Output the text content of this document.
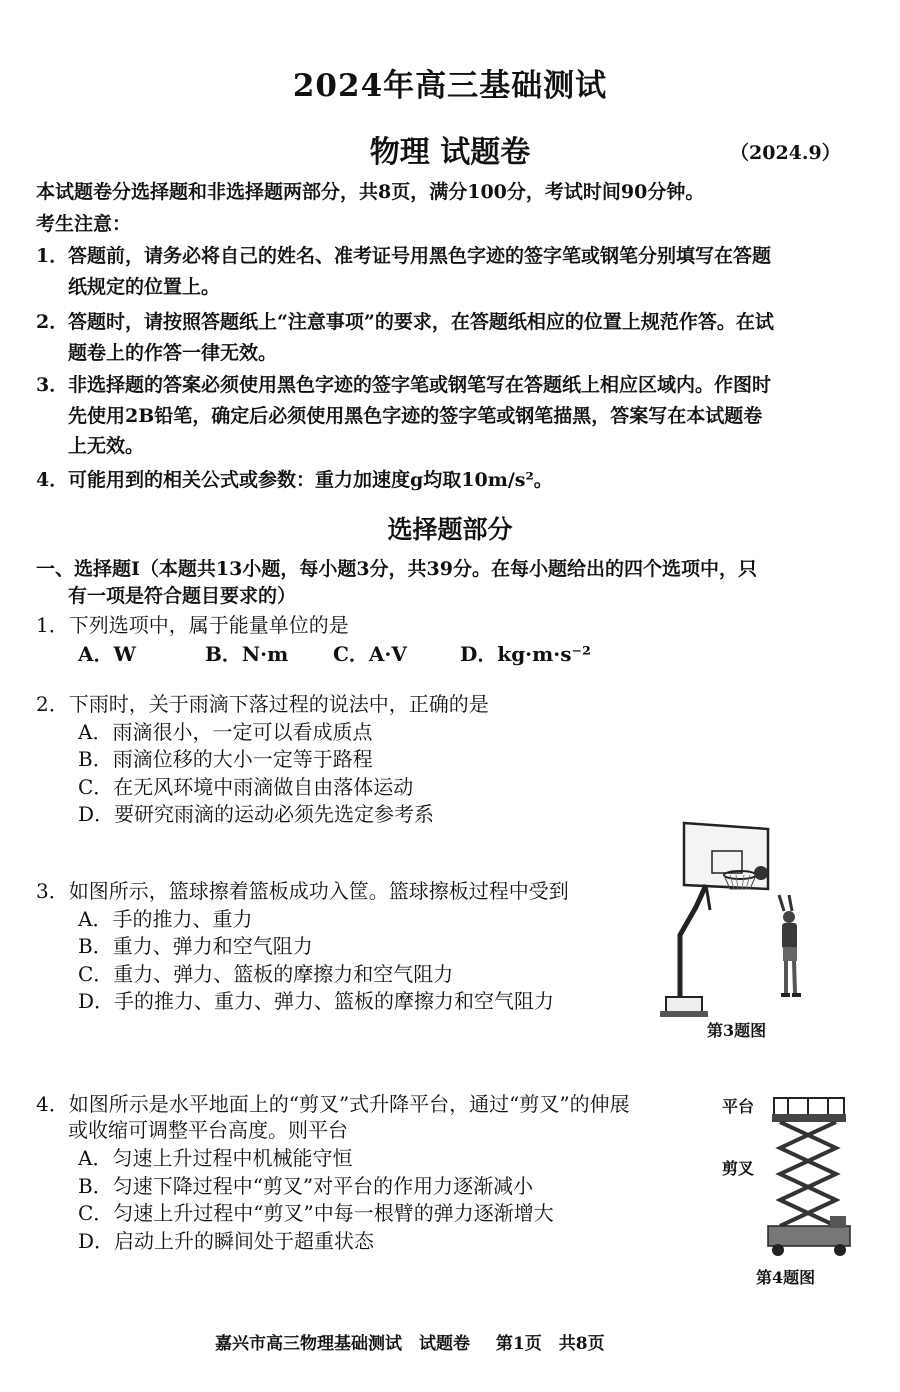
2024年高三基础测试
物理 试题卷	（2024.9）
本试题卷分选择题和非选择题两部分，共8页，满分100分，考试时间90分钟。
考生注意：
1． 答题前，请务必将自己的姓名、准考证号用黑色字迹的签字笔或钢笔分别填写在答题
纸规定的位置上。
2． 答题时，请按照答题纸上“注意事项”的要求，在答题纸相应的位置上规范作答。在试
题卷上的作答一律无效。
3． 非选择题的答案必须使用黑色字迹的签字笔或钢笔写在答题纸上相应区域内。作图时
先使用2B铅笔，确定后必须使用黑色字迹的签字笔或钢笔描黑，答案写在本试题卷
上无效。
4． 可能用到的相关公式或参数：重力加速度g均取10m/s²。
选择题部分
一、选择题Ⅰ（本题共13小题，每小题3分，共39分。在每小题给出的四个选项中，只
有一项是符合题目要求的）
1．下列选项中，属于能量单位的是
A．W	B．N·m C．A·V	D．kg·m·s⁻²
2．下雨时，关于雨滴下落过程的说法中，正确的是
A．雨滴很小，一定可以看成质点
B．雨滴位移的大小一定等于路程
C．在无风环境中雨滴做自由落体运动
D．要研究雨滴的运动必须先选定参考系
3．如图所示，篮球擦着篮板成功入筐。篮球擦板过程中受到
A．手的推力、重力
B．重力、弹力和空气阻力
C．重力、弹力、篮板的摩擦力和空气阻力
D．手的推力、重力、弹力、篮板的摩擦力和空气阻力
第3题图
4．如图所示是水平地面上的“剪叉”式升降平台，通过“剪叉”的伸展
或收缩可调整平台高度。则平台
A．匀速上升过程中机械能守恒
B．匀速下降过程中“剪叉”对平台的作用力逐渐减小
C．匀速上升过程中“剪叉”中每一根臂的弹力逐渐增大
D．启动上升的瞬间处于超重状态
平台
剪叉
第4题图
嘉兴市高三物理基础测试　试题卷 第1页　共8页
